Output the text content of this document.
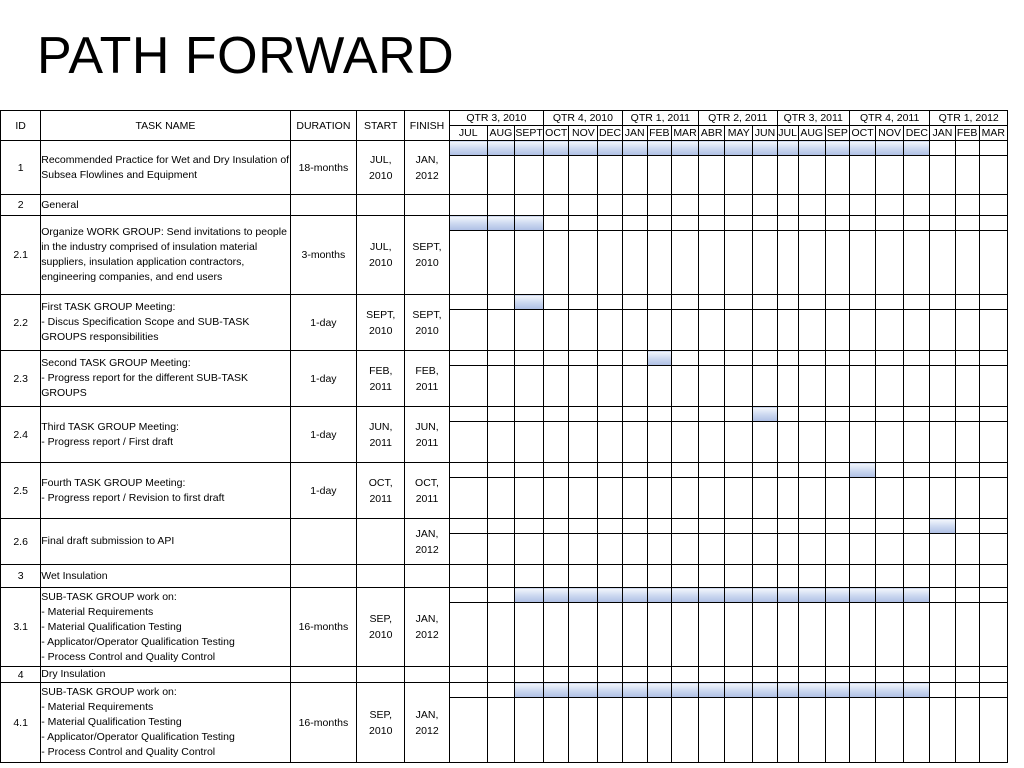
PATH FORWARD
ID	TASK NAME	DURATION	START	FINISH	QTR 3, 2010			QTR 4, 2010			QTR 1, 2011			QTR 2, 2011			QTR 3, 2011			QTR 4, 2011			QTR 1, 2012		
					JUL	AUG	SEPT	OCT	NOV	DEC	JAN	FEB	MAR	ABR	MAY	JUN	JUL	AUG	SEP	OCT	NOV	DEC	JAN	FEB	MAR
1	Recommended Practice for Wet and Dry Insulation of Subsea Flowlines and Equipment	18-months	JUL, 2010	JAN, 2012																					

2	General																								
2.1	Organize WORK GROUP: Send invitations to people in the industry comprised of insulation material suppliers, insulation application contractors, engineering companies, and end users	3-months	JUL, 2010	SEPT, 2010																					

2.2	First TASK GROUP Meeting:
- Discus Specification Scope and SUB-TASK GROUPS responsibilities	1-day	SEPT, 2010	SEPT, 2010																					

2.3	Second TASK GROUP Meeting:
- Progress report for the different SUB-TASK GROUPS	1-day	FEB, 2011	FEB, 2011																					

2.4	Third TASK GROUP Meeting:
- Progress report / First draft	1-day	JUN, 2011	JUN, 2011																					

2.5	Fourth TASK GROUP Meeting:
- Progress report / Revision to first draft	1-day	OCT, 2011	OCT, 2011																					

2.6	Final draft submission to API			JAN, 2012																					

3	Wet Insulation																								
3.1	SUB-TASK GROUP work on:
- Material Requirements
- Material Qualification Testing
- Applicator/Operator Qualification Testing
- Process Control and Quality Control	16-months	SEP, 2010	JAN, 2012																					

4	Dry Insulation																								
4.1	SUB-TASK GROUP work on:
- Material Requirements
- Material Qualification Testing
- Applicator/Operator Qualification Testing
- Process Control and Quality Control	16-months	SEP, 2010	JAN, 2012																					
